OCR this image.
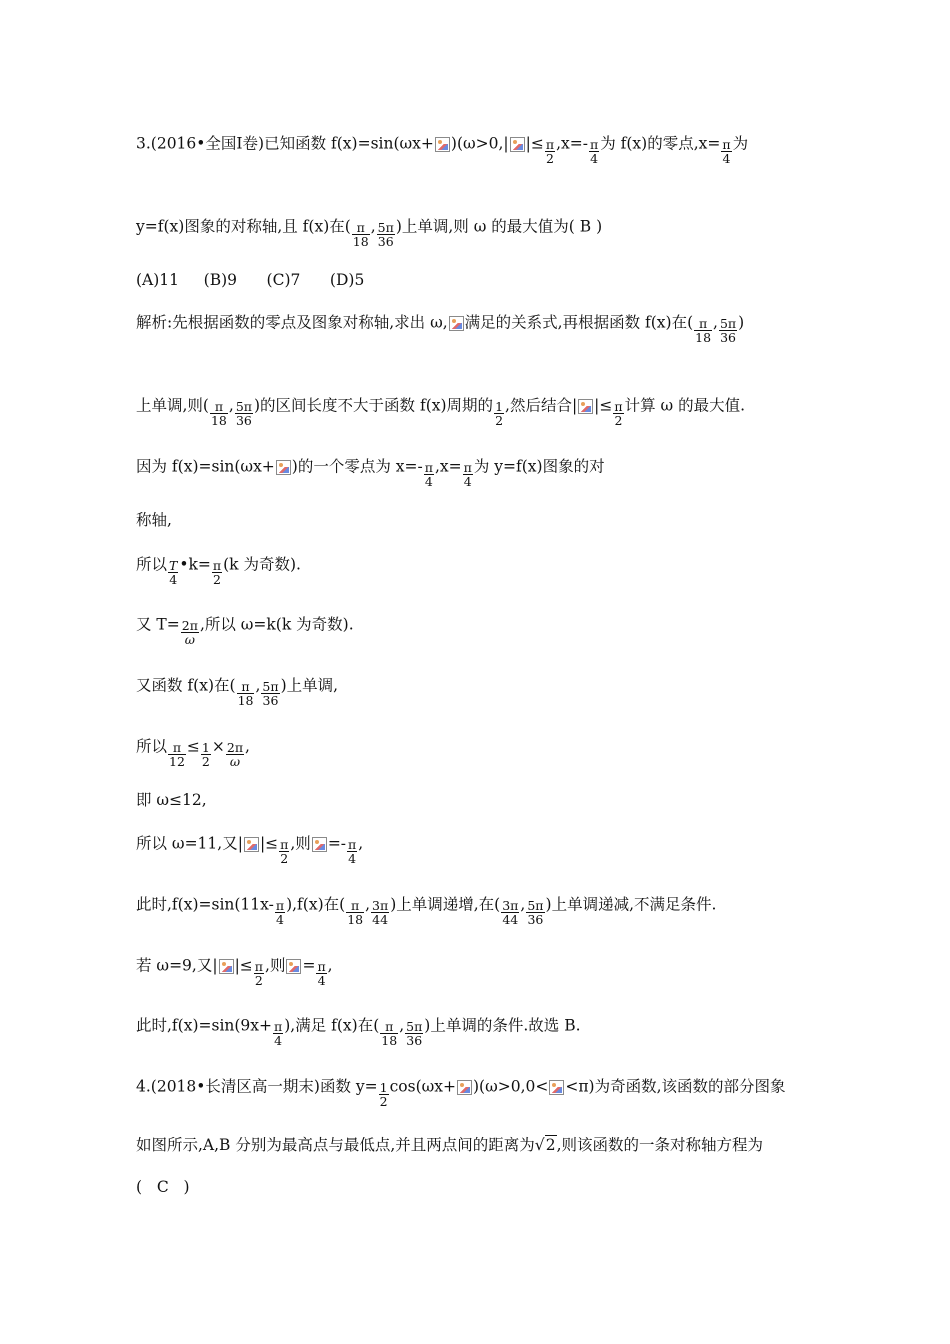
3.(2016•全国Ⅰ卷)已知函数 f(x)=sin(ωx+ )(ω>0,| |≤ $\frac{\pi}{2} ,x=- \frac{\pi}{4}$ 为 f(x)的零点$,x= \frac{\pi}{4}$ 为
y=f(x)图象的对称轴,且 f(x)在( $\frac{\pi}{18}$ , $\frac{5\pi}{36}$ )上单调,则 ω 的最大值为( B )
(A)11     (B)9      (C)7      (D)5
解析:先根据函数的零点及图象对称轴,求出 ω, 满足的关系式,再根据函数 f(x)在( $\frac{\pi}{18}$ , $\frac{5\pi}{36}$ )
上单调,则( $\frac{\pi}{18}$ , $\frac{5\pi}{36}$ )的区间长度不大于函数 f(x)周期的 $\frac{1}{2}$ ,然后结合| |≤ $\frac{\pi}{2}$ 计算 ω 的最大值.
因为 f(x)=sin(ωx+ )的一个零点为 $x=- \frac{\pi}{4} ,x= \frac{\pi}{4}$ 为 y=f(x)图象的对
称轴,
所以 $\frac{T}{4}$ •k= $\frac{\pi}{2} (k$ 为奇数).
又 $T= \frac{2\pi}{\omega}$ ,所以 ω=k(k 为奇数).
又函数 f(x)在( $\frac{\pi}{18}$ , $\frac{5\pi}{36}$ )上单调,
所以 $\frac{\pi}{12} \le \frac{1}{2} \times \frac{2\pi}{\omega}$ ,
即 ω≤12,
所以 ω=11,又| |≤ $\frac{\pi}{2}$ ,则 =- $\frac{\pi}{4}$ ,
此时$,f(x)=\sin(11x- \frac{\pi}{4} ),f(x)$在( $\frac{\pi}{18}$ , $\frac{3\pi}{44}$ )上单调递增,在( $\frac{3\pi}{44}$ , $\frac{5\pi}{36}$ )上单调递减,不满足条件.
若 ω=9,又| |≤ $\frac{\pi}{2}$ ,则 = $\frac{\pi}{4}$ ,
此时$,f(x)=\sin(9x+ \frac{\pi}{4}$ ),满足 f(x)在( $\frac{\pi}{18}$ , $\frac{5\pi}{36}$ )上单调的条件.故选 B.
4.(2018•长清区高一期末)函数 $y= \frac{1}{2} \cos(\omega x+ )(\omega>0,0< <\pi)$为奇函数,该函数的部分图象
如图所示,A,B 分别为最高点与最低点,并且两点间的距离为√2,则该函数的一条对称轴方程为
(   C   )
